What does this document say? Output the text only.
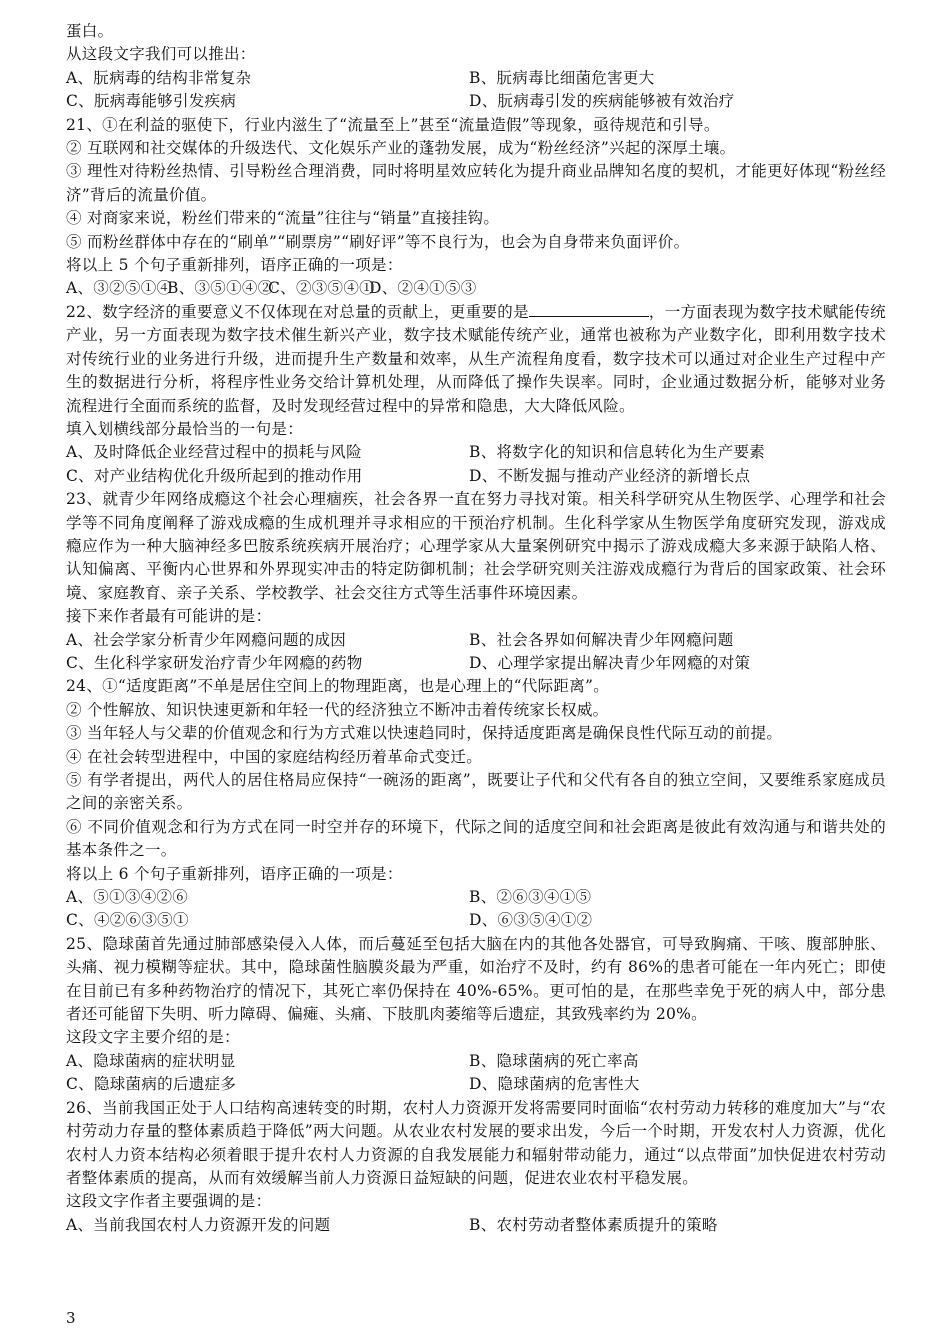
蛋白。
从这段文字我们可以推出：
A、朊病毒的结构非常复杂	B、朊病毒比细菌危害更大
C、朊病毒能够引发疾病	D、朊病毒引发的疾病能够被有效治疗
21、①在利益的驱使下，行业内滋生了“流量至上”甚至“流量造假”等现象，亟待规范和引导。
② 互联网和社交媒体的升级迭代、文化娱乐产业的蓬勃发展，成为“粉丝经济”兴起的深厚土壤。
③ 理性对待粉丝热情、引导粉丝合理消费，同时将明星效应转化为提升商业品牌知名度的契机，才能更好体现“粉丝经济”背后的流量价值。
④ 对商家来说，粉丝们带来的“流量”往往与“销量”直接挂钩。
⑤ 而粉丝群体中存在的“刷单”“刷票房”“刷好评”等不良行为，也会为自身带来负面评价。
将以上 5 个句子重新排列，语序正确的一项是：
A、③②⑤①④B、③⑤①④②C、②③⑤④①D、②④①⑤③
22、数字经济的重要意义不仅体现在对总量的贡献上，更重要的是	，一方面表现为数字技术赋能传统产业，另一方面表现为数字技术催生新兴产业，数字技术赋能传统产业，通常也被称为产业数字化，即利用数字技术对传统行业的业务进行升级，进而提升生产数量和效率，从生产流程角度看，数字技术可以通过对企业生产过程中产生的数据进行分析，将程序性业务交给计算机处理，从而降低了操作失误率。同时，企业通过数据分析，能够对业务流程进行全面而系统的监督，及时发现经营过程中的异常和隐患，大大降低风险。
填入划横线部分最恰当的一句是：
A、及时降低企业经营过程中的损耗与风险	B、将数字化的知识和信息转化为生产要素
C、对产业结构优化升级所起到的推动作用	D、不断发掘与推动产业经济的新增长点
23、就青少年网络成瘾这个社会心理痼疾，社会各界一直在努力寻找对策。相关科学研究从生物医学、心理学和社会学等不同角度阐释了游戏成瘾的生成机理并寻求相应的干预治疗机制。生化科学家从生物医学角度研究发现，游戏成瘾应作为一种大脑神经多巴胺系统疾病开展治疗；心理学家从大量案例研究中揭示了游戏成瘾大多来源于缺陷人格、认知偏离、平衡内心世界和外界现实冲击的特定防御机制；社会学研究则关注游戏成瘾行为背后的国家政策、社会环境、家庭教育、亲子关系、学校教学、社会交往方式等生活事件环境因素。
接下来作者最有可能讲的是：
A、社会学家分析青少年网瘾问题的成因	B、社会各界如何解决青少年网瘾问题
C、生化科学家研发治疗青少年网瘾的药物	D、心理学家提出解决青少年网瘾的对策
24、①“适度距离”不单是居住空间上的物理距离，也是心理上的“代际距离”。
② 个性解放、知识快速更新和年轻一代的经济独立不断冲击着传统家长权威。
③ 当年轻人与父辈的价值观念和行为方式难以快速趋同时，保持适度距离是确保良性代际互动的前提。
④ 在社会转型进程中，中国的家庭结构经历着革命式变迁。
⑤ 有学者提出，两代人的居住格局应保持“一碗汤的距离”，既要让子代和父代有各自的独立空间，又要维系家庭成员之间的亲密关系。
⑥ 不同价值观念和行为方式在同一时空并存的环境下，代际之间的适度空间和社会距离是彼此有效沟通与和谐共处的基本条件之一。
将以上 6 个句子重新排列，语序正确的一项是：
A、⑤①③④②⑥	B、②⑥③④①⑤
C、④②⑥③⑤①	D、⑥③⑤④①②
25、隐球菌首先通过肺部感染侵入人体，而后蔓延至包括大脑在内的其他各处器官，可导致胸痛、干咳、腹部肿胀、头痛、视力模糊等症状。其中，隐球菌性脑膜炎最为严重，如治疗不及时，约有 86%的患者可能在一年内死亡；即使在目前已有多种药物治疗的情况下，其死亡率仍保持在 40%-65%。更可怕的是，在那些幸免于死的病人中，部分患者还可能留下失明、听力障碍、偏瘫、头痛、下肢肌肉萎缩等后遗症，其致残率约为 20%。
这段文字主要介绍的是：
A、隐球菌病的症状明显	B、隐球菌病的死亡率高
C、隐球菌病的后遗症多	D、隐球菌病的危害性大
26、当前我国正处于人口结构高速转变的时期，农村人力资源开发将需要同时面临“农村劳动力转移的难度加大”与“农村劳动力存量的整体素质趋于降低”两大问题。从农业农村发展的要求出发，今后一个时期，开发农村人力资源，优化农村人力资本结构必须着眼于提升农村人力资源的自我发展能力和辐射带动能力，通过“以点带面”加快促进农村劳动者整体素质的提高，从而有效缓解当前人力资源日益短缺的问题，促进农业农村平稳发展。
这段文字作者主要强调的是：
A、当前我国农村人力资源开发的问题	B、农村劳动者整体素质提升的策略
3
